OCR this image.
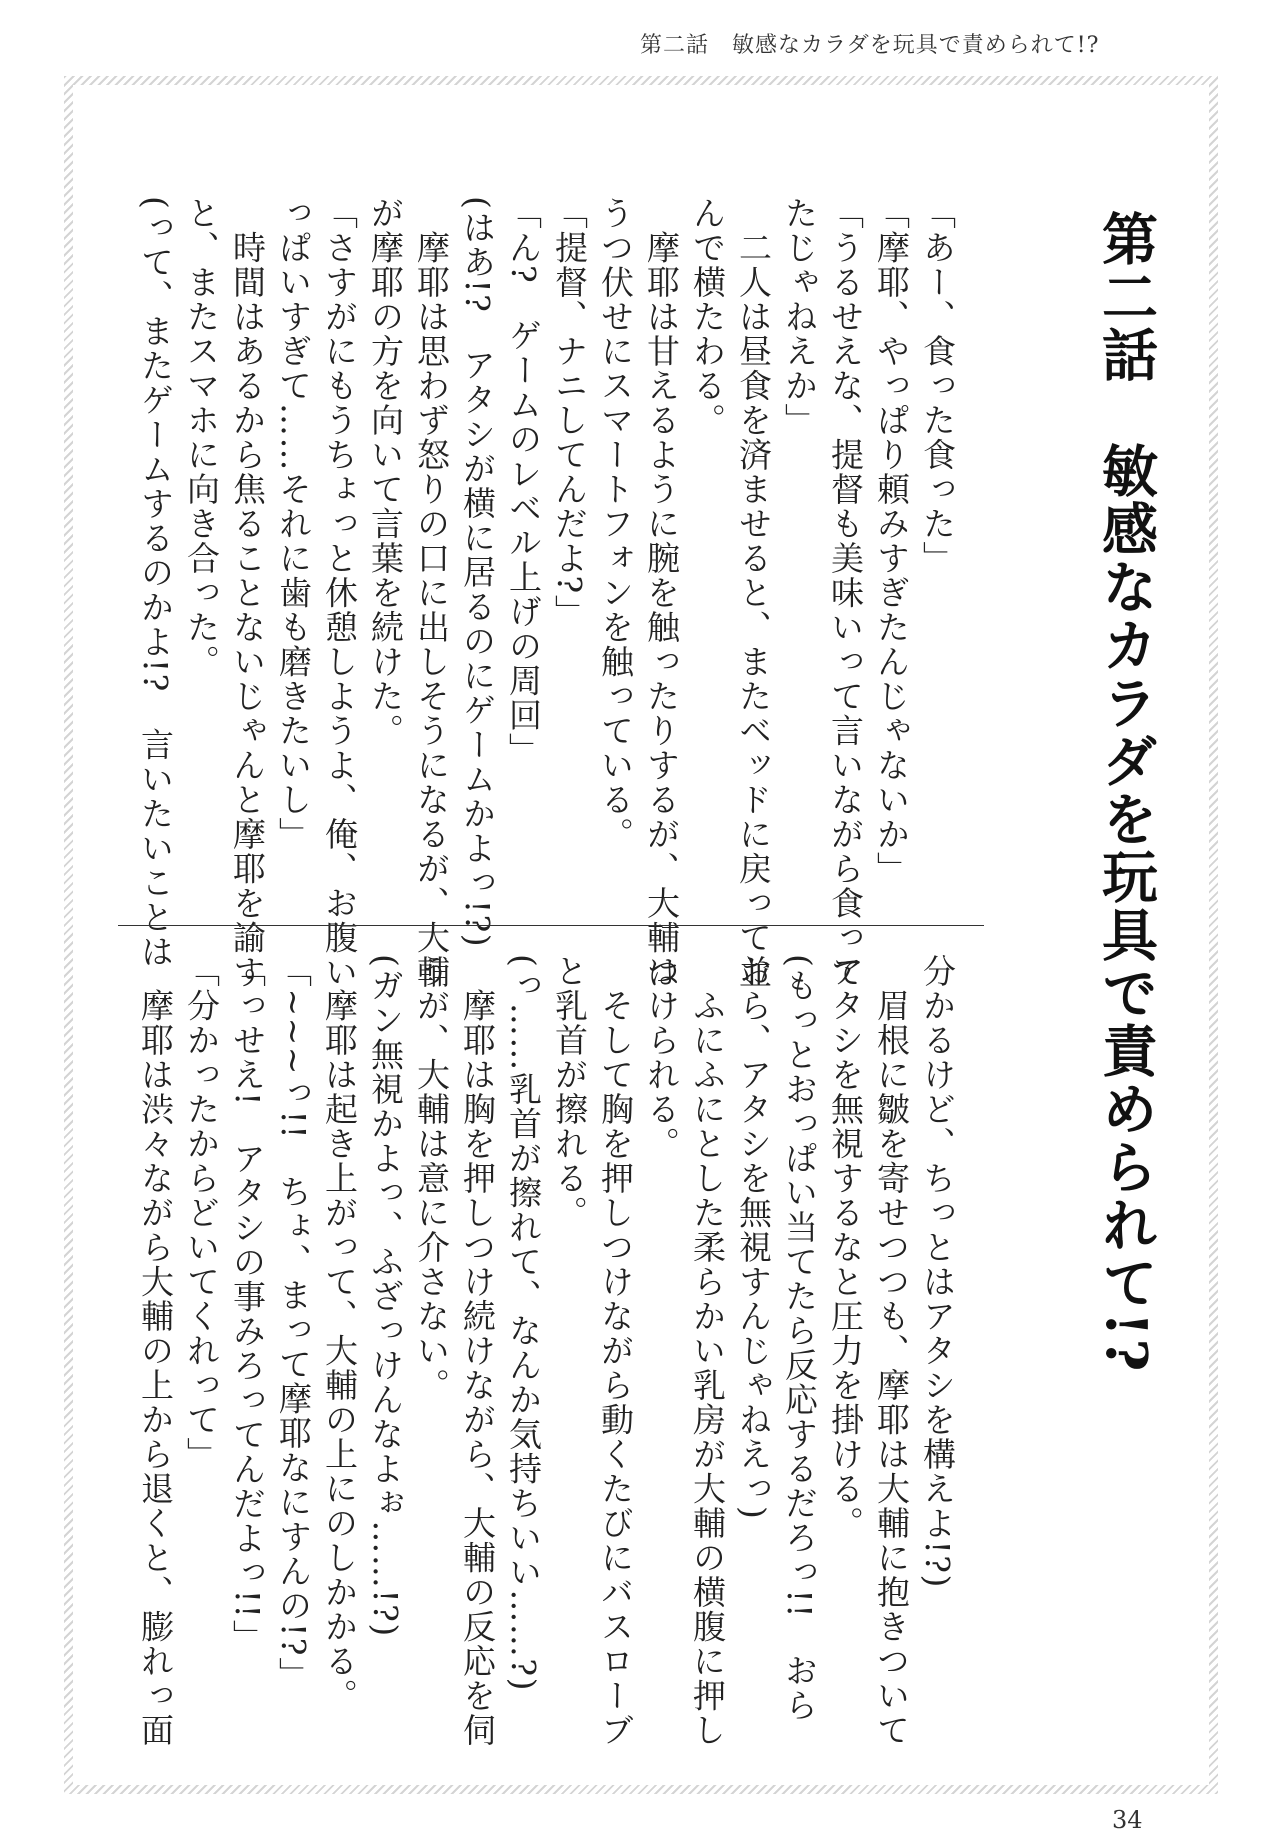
第二話　敏感なカラダを玩具で責められて!?
第二話　敏感なカラダを玩具で責められて!?
「あー、食った食った」
「摩耶、やっぱり頼みすぎたんじゃないか」
「うるせえな、提督も美味いって言いながら食って
たじゃねえか」
　二人は昼食を済ませると、またベッドに戻って並
んで横たわる。
　摩耶は甘えるように腕を触ったりするが、大輔は
うつ伏せにスマートフォンを触っている。
「提督、ナニしてんだよ?」
「ん?　ゲームのレベル上げの周回」
(はあ!?　アタシが横に居るのにゲームかよっ!?)
　摩耶は思わず怒りの口に出しそうになるが、大輔
が摩耶の方を向いて言葉を続けた。
「さすがにもうちょっと休憩しようよ、俺、お腹い
っぱいすぎて……それに歯も磨きたいし」
　時間はあるから焦ることないじゃんと摩耶を諭す
と、またスマホに向き合った。
(って、またゲームするのかよ!?　言いたいことは
分かるけど、ちっとはアタシを構えよ!?)
　眉根に皺を寄せつつも、摩耶は大輔に抱きついて
アタシを無視するなと圧力を掛ける。
(もっとおっぱい当てたら反応するだろっ!!　おら
おら、アタシを無視すんじゃねえっ)
　ふにふにとした柔らかい乳房が大輔の横腹に押し
つけられる。
　そして胸を押しつけながら動くたびにバスローブ
と乳首が擦れる。
(っ……乳首が擦れて、なんか気持ちいい……?)
　摩耶は胸を押しつけ続けながら、大輔の反応を伺
うが、大輔は意に介さない。
(ガン無視かよっ、ふざっけんなよぉ……!?)
　摩耶は起き上がって、大輔の上にのしかかる。
「~~~っ!!　ちょ、まって摩耶なにすんの!?」
「っせえ!　アタシの事みろってんだよっ!!」
「分かったからどいてくれって」
　摩耶は渋々ながら大輔の上から退くと、膨れっ面
34
